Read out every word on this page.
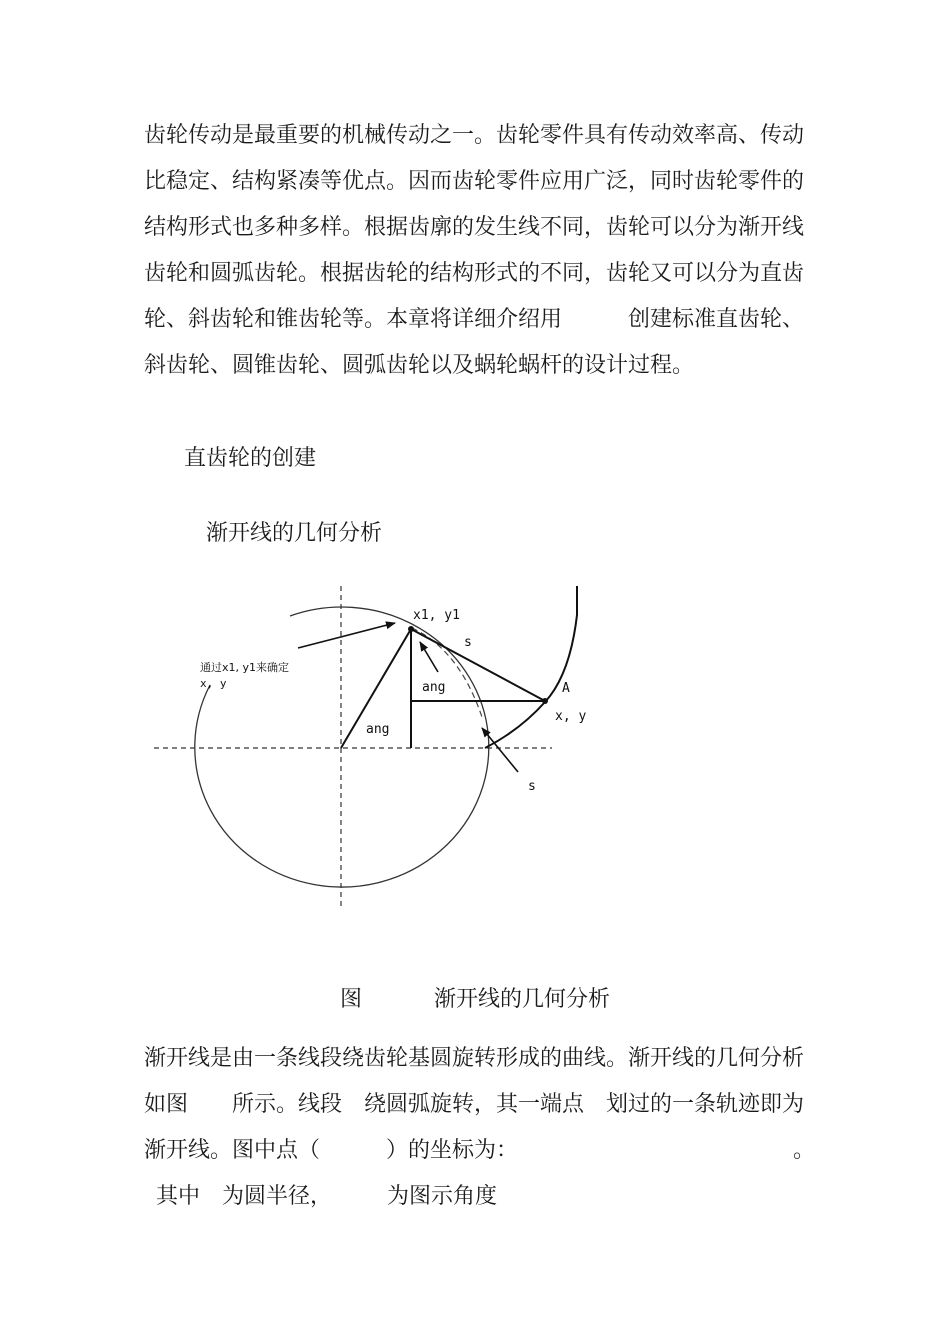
齿轮传动是最重要的机械传动之一。齿轮零件具有传动效率高、传动
比稳定、结构紧凑等优点。因而齿轮零件应用广泛，同时齿轮零件的
结构形式也多种多样。根据齿廓的发生线不同，齿轮可以分为渐开线
齿轮和圆弧齿轮。根据齿轮的结构形式的不同，齿轮又可以分为直齿
轮、斜齿轮和锥齿轮等。本章将详细介绍用　　　创建标准直齿轮、
斜齿轮、圆锥齿轮、圆弧齿轮以及蜗轮蜗杆的设计过程。
直齿轮的创建
渐开线的几何分析
x1, y1
s
通过x1, y1来确定
x, y	ang
ang
A
x, y
s
图	渐开线的几何分析
渐开线是由一条线段绕齿轮基圆旋转形成的曲线。渐开线的几何分析
如图　　所示。线段　绕圆弧旋转，其一端点　划过的一条轨迹即为
渐开线。图中点（　　　）的坐标为：　　　　　　　　　　　　　。
其中　为圆半径，　　　为图示角度
